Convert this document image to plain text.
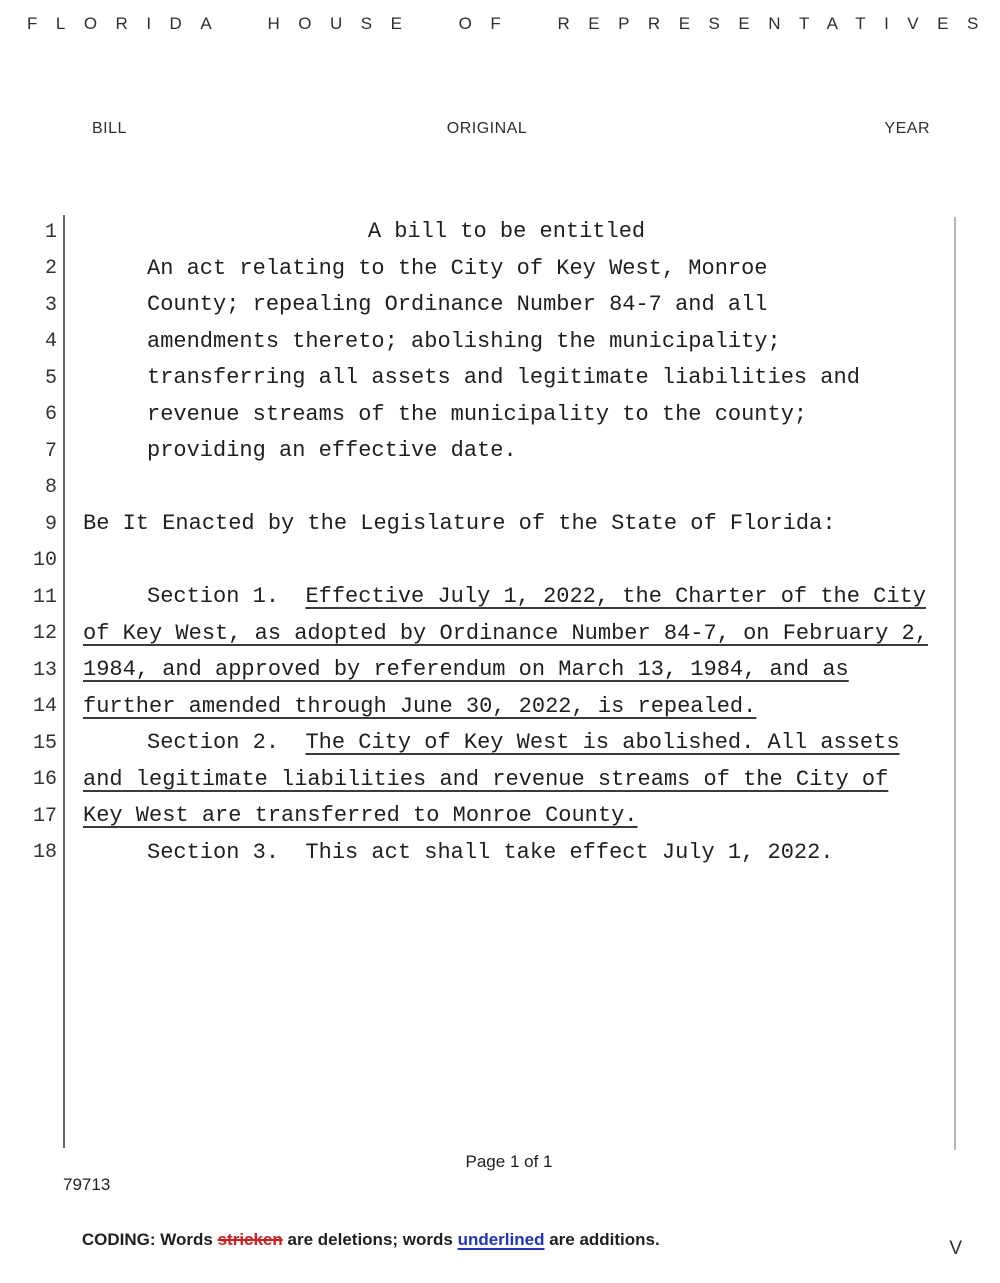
FLORIDA HOUSE OF REPRESENTATIVES
BILL	ORIGINAL	YEAR
1	A bill to be entitled
2	An act relating to the City of Key West, Monroe
3	County; repealing Ordinance Number 84-7 and all
4	amendments thereto; abolishing the municipality;
5	transferring all assets and legitimate liabilities and
6	revenue streams of the municipality to the county;
7	providing an effective date.
8
9 Be It Enacted by the Legislature of the State of Florida:
10
11	Section 1.  Effective July 1, 2022, the Charter of the City
12 of Key West, as adopted by Ordinance Number 84-7, on February 2,
13 1984, and approved by referendum on March 13, 1984, and as
14 further amended through June 30, 2022, is repealed.
15	Section 2.  The City of Key West is abolished. All assets
16 and legitimate liabilities and revenue streams of the City of
17 Key West are transferred to Monroe County.
18	Section 3.  This act shall take effect July 1, 2022.
Page 1 of 1
79713

CODING: Words stricken are deletions; words underlined are additions.
	V
